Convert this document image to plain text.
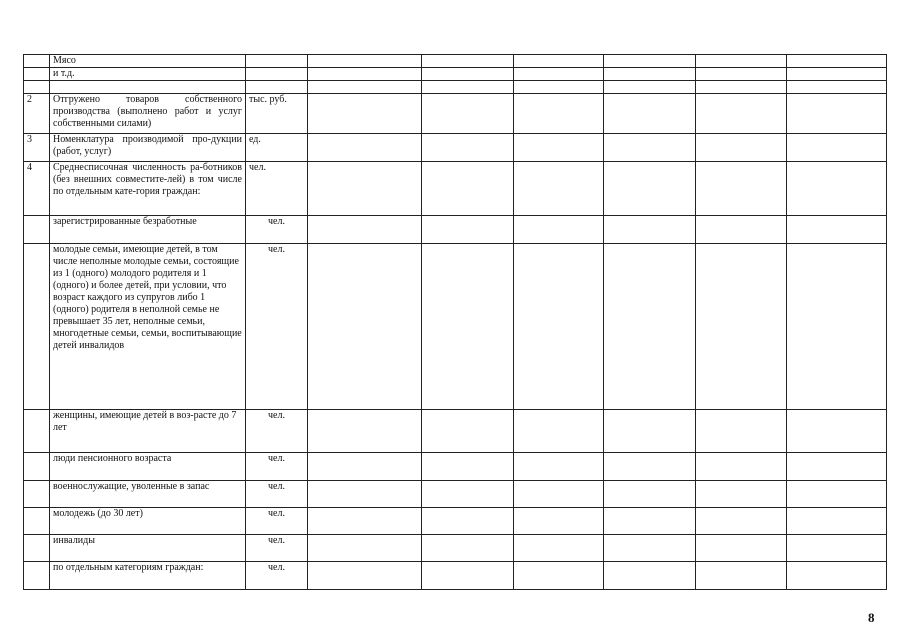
	Мясо							
	и т.д.							

2	Отгружено товаров собственного производства (выполнено работ и услуг собственными силами)	тыс. руб.						
3	Номенклатура производимой про-дукции (работ, услуг)	ед.						
4	Среднесписочная численность ра-ботников (без внешних совместите-лей) в том числе по отдельным кате-гория граждан:	чел.						
	зарегистрированные безработные	чел.						
	молодые семьи, имеющие детей, в том числе неполные молодые семьи, состоящие из 1 (одного) молодого родителя и 1 (одного) и более детей, при условии, что возраст каждого из супругов либо 1 (одного) родителя в неполной семье не превышает 35 лет, неполные семьи, многодетные семьи, семьи, воспитывающие детей инвалидов	чел.						
	женщины, имеющие детей в воз-расте до 7 лет	чел.						
	люди пенсионного возраста	чел.						
	военнослужащие, уволенные в запас	чел.						
	молодежь (до 30 лет)	чел.						
	инвалиды	чел.						
	по отдельным категориям граждан:	чел.						
8
